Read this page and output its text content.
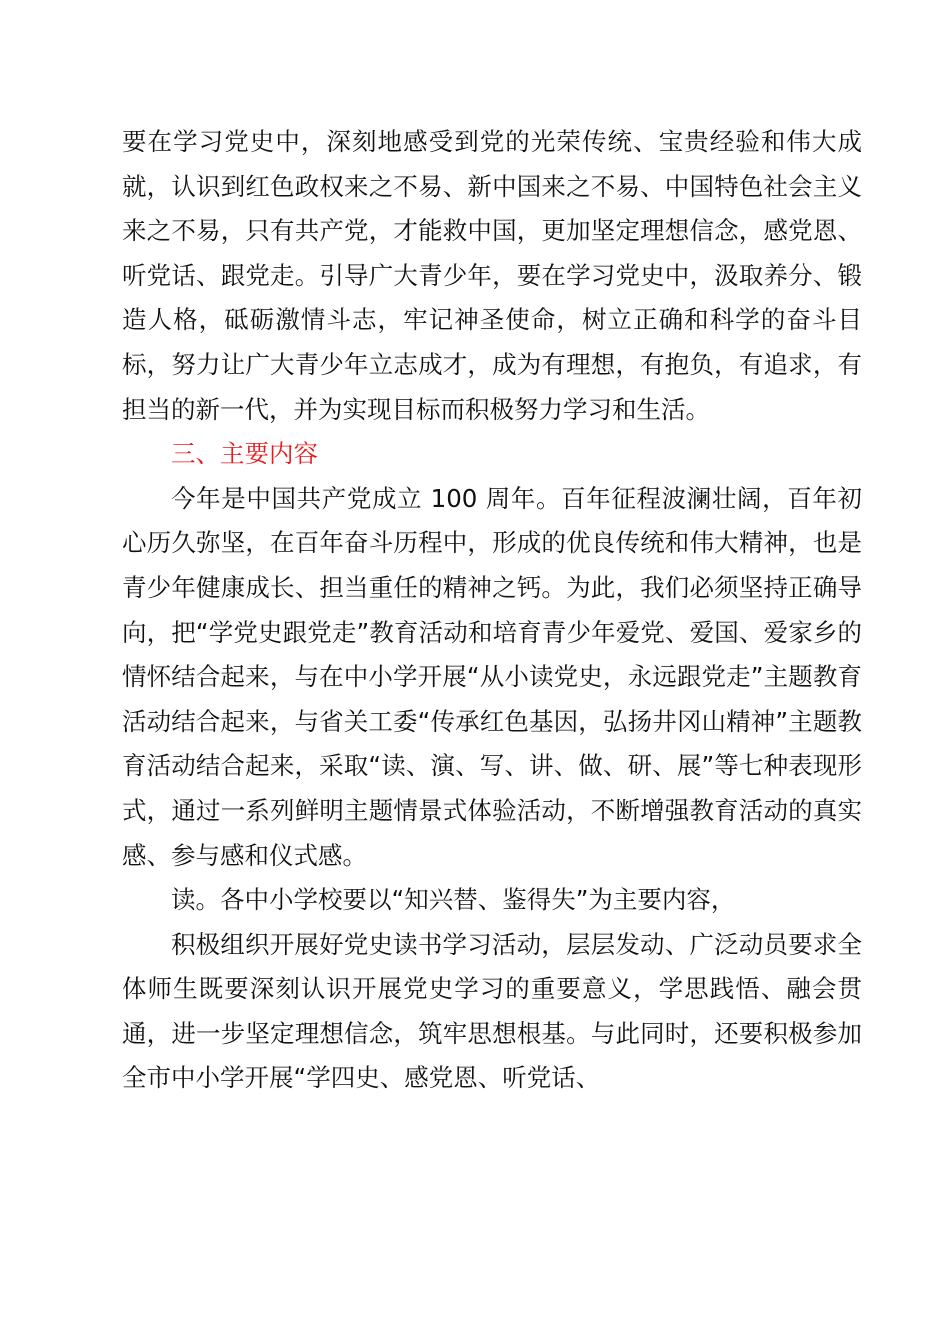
要在学习党史中，深刻地感受到党的光荣传统、宝贵经验和伟大成就，认识到红色政权来之不易、新中国来之不易、中国特色社会主义来之不易，只有共产党，才能救中国，更加坚定理想信念，感党恩、听党话、跟党走。引导广大青少年，要在学习党史中，汲取养分、锻造人格，砥砺激情斗志，牢记神圣使命，树立正确和科学的奋斗目标，努力让广大青少年立志成才，成为有理想，有抱负，有追求，有担当的新一代，并为实现目标而积极努力学习和生活。

三、主要内容

今年是中国共产党成立 100 周年。百年征程波澜壮阔，百年初心历久弥坚，在百年奋斗历程中，形成的优良传统和伟大精神，也是青少年健康成长、担当重任的精神之钙。为此，我们必须坚持正确导向，把“学党史跟党走”教育活动和培育青少年爱党、爱国、爱家乡的情怀结合起来，与在中小学开展“从小读党史，永远跟党走”主题教育活动结合起来，与省关工委“传承红色基因，弘扬井冈山精神”主题教育活动结合起来，采取“读、演、写、讲、做、研、展”等七种表现形式，通过一系列鲜明主题情景式体验活动，不断增强教育活动的真实感、参与感和仪式感。

读。各中小学校要以“知兴替、鉴得失”为主要内容，

积极组织开展好党史读书学习活动，层层发动、广泛动员要求全体师生既要深刻认识开展党史学习的重要意义，学思践悟、融会贯通，进一步坚定理想信念，筑牢思想根基。与此同时，还要积极参加全市中小学开展“学四史、感党恩、听党话、
